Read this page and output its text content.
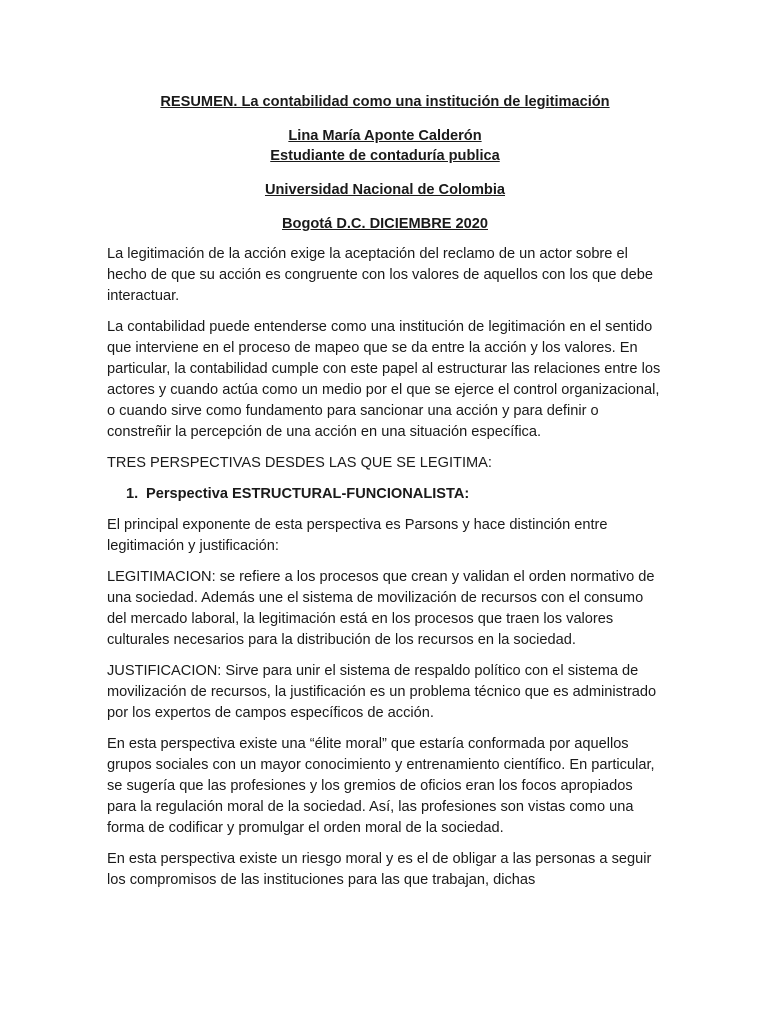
RESUMEN. La contabilidad como una institución de legitimación

Lina María Aponte Calderón

Estudiante de contaduría publica

Universidad Nacional de Colombia

Bogotá D.C. DICIEMBRE 2020

La legitimación de la acción exige la aceptación del reclamo de un actor sobre el hecho de que su acción es congruente con los valores de aquellos con los que debe interactuar.

La contabilidad puede entenderse como una institución de legitimación en el sentido que interviene en el proceso de mapeo que se da entre la acción y los valores. En particular, la contabilidad cumple con este papel al estructurar las relaciones entre los actores y cuando actúa como un medio por el que se ejerce el control organizacional, o cuando sirve como fundamento para sancionar una acción y para definir o constreñir la percepción de una acción en una situación específica.

TRES PERSPECTIVAS DESDES LAS QUE SE LEGITIMA:

1. Perspectiva ESTRUCTURAL-FUNCIONALISTA:

El principal exponente de esta perspectiva es Parsons y hace distinción entre legitimación y justificación:

LEGITIMACION: se refiere a los procesos que crean y validan el orden normativo de una sociedad. Además une el sistema de movilización de recursos con el consumo del mercado laboral, la legitimación está en los procesos que traen los valores culturales necesarios para la distribución de los recursos en la sociedad.

JUSTIFICACION: Sirve para unir el sistema de respaldo político con el sistema de movilización de recursos, la justificación es un problema técnico que es administrado por los expertos de campos específicos de acción.

En esta perspectiva existe una “élite moral” que estaría conformada por aquellos grupos sociales con un mayor conocimiento y entrenamiento científico. En particular, se sugería que las profesiones y los gremios de oficios eran los focos apropiados para la regulación moral de la sociedad. Así, las profesiones son vistas como una forma de codificar y promulgar el orden moral de la sociedad.

En esta perspectiva existe un riesgo moral y es el de obligar a las personas a seguir los compromisos de las instituciones para las que trabajan, dichas
